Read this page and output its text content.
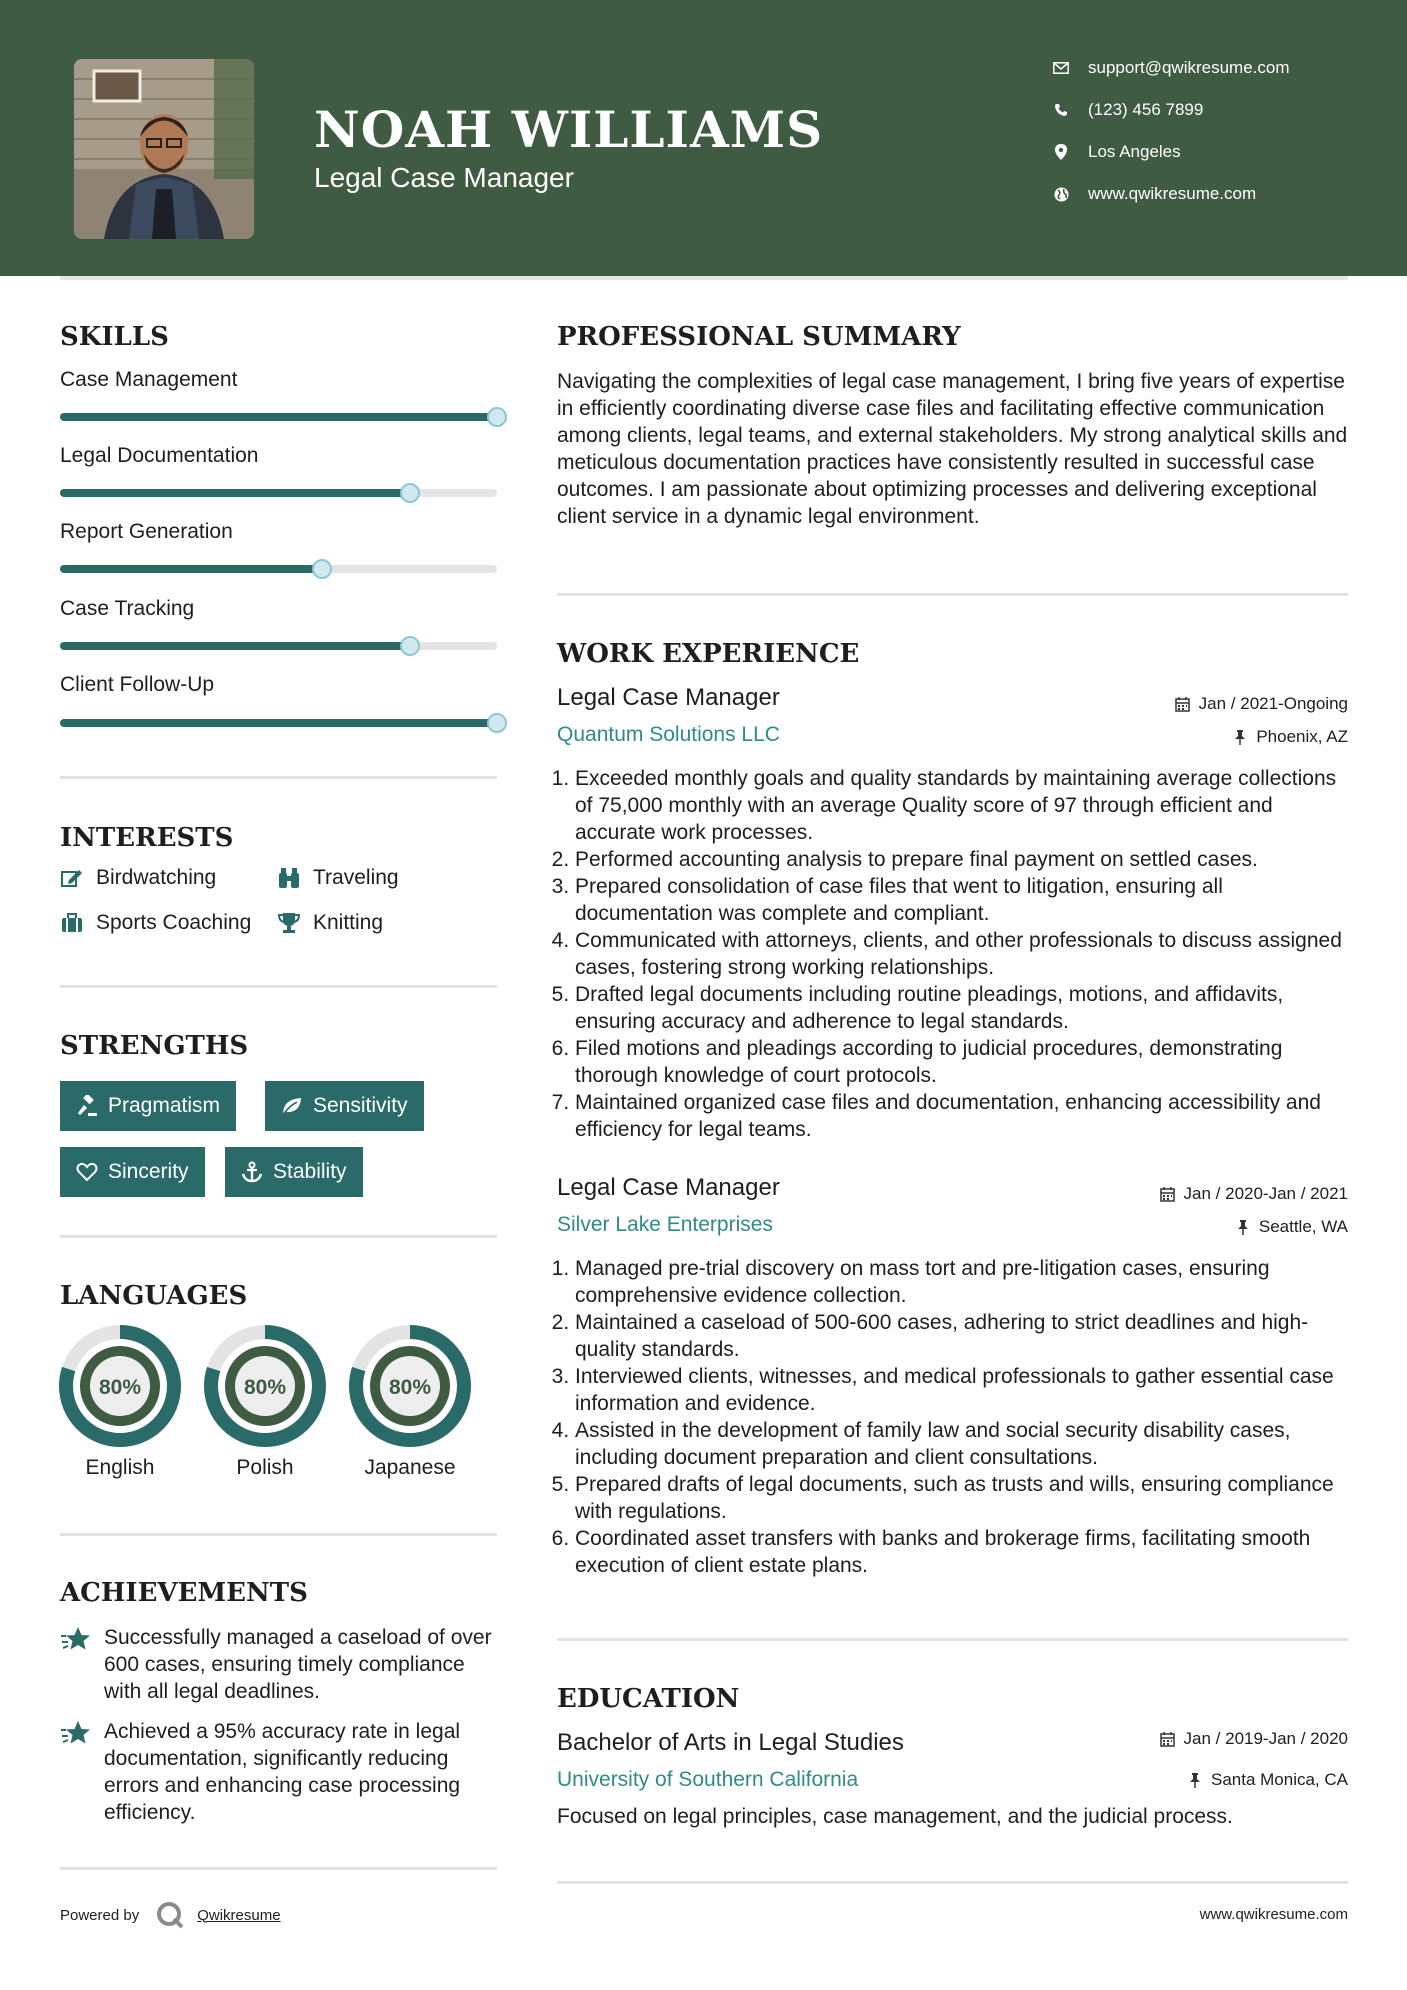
NOAH WILLIAMS
Legal Case Manager
support@qwikresume.com
(123) 456 7899
Los Angeles
www.qwikresume.com
SKILLS
Case Management
Legal Documentation
Report Generation
Case Tracking
Client Follow-Up
INTERESTS
Birdwatching	Traveling
Sports Coaching	Knitting
STRENGTHS
Pragmatism	Sensitivity
Sincerity	Stability
LANGUAGES
80%
English
80%
Polish
80%
Japanese
ACHIEVEMENTS
Successfully managed a caseload of over 600 cases, ensuring timely compliance with all legal deadlines.
Achieved a 95% accuracy rate in legal documentation, significantly reducing errors and enhancing case processing efficiency.
PROFESSIONAL SUMMARY
Navigating the complexities of legal case management, I bring five years of expertise in efficiently coordinating diverse case files and facilitating effective communication among clients, legal teams, and external stakeholders. My strong analytical skills and meticulous documentation practices have consistently resulted in successful case outcomes. I am passionate about optimizing processes and delivering exceptional client service in a dynamic legal environment.
WORK EXPERIENCE
Legal Case Manager	Jan / 2021-Ongoing
Quantum Solutions LLC	Phoenix, AZ
1. Exceeded monthly goals and quality standards by maintaining average collections of 75,000 monthly with an average Quality score of 97 through efficient and accurate work processes.
2. Performed accounting analysis to prepare final payment on settled cases.
3. Prepared consolidation of case files that went to litigation, ensuring all documentation was complete and compliant.
4. Communicated with attorneys, clients, and other professionals to discuss assigned cases, fostering strong working relationships.
5. Drafted legal documents including routine pleadings, motions, and affidavits, ensuring accuracy and adherence to legal standards.
6. Filed motions and pleadings according to judicial procedures, demonstrating thorough knowledge of court protocols.
7. Maintained organized case files and documentation, enhancing accessibility and efficiency for legal teams.
Legal Case Manager	Jan / 2020-Jan / 2021
Silver Lake Enterprises	Seattle, WA
1. Managed pre-trial discovery on mass tort and pre-litigation cases, ensuring comprehensive evidence collection.
2. Maintained a caseload of 500-600 cases, adhering to strict deadlines and high-quality standards.
3. Interviewed clients, witnesses, and medical professionals to gather essential case information and evidence.
4. Assisted in the development of family law and social security disability cases, including document preparation and client consultations.
5. Prepared drafts of legal documents, such as trusts and wills, ensuring compliance with regulations.
6. Coordinated asset transfers with banks and brokerage firms, facilitating smooth execution of client estate plans.
EDUCATION
Bachelor of Arts in Legal Studies	Jan / 2019-Jan / 2020
University of Southern California	Santa Monica, CA
Focused on legal principles, case management, and the judicial process.
Powered by	Qwikresume	www.qwikresume.com
